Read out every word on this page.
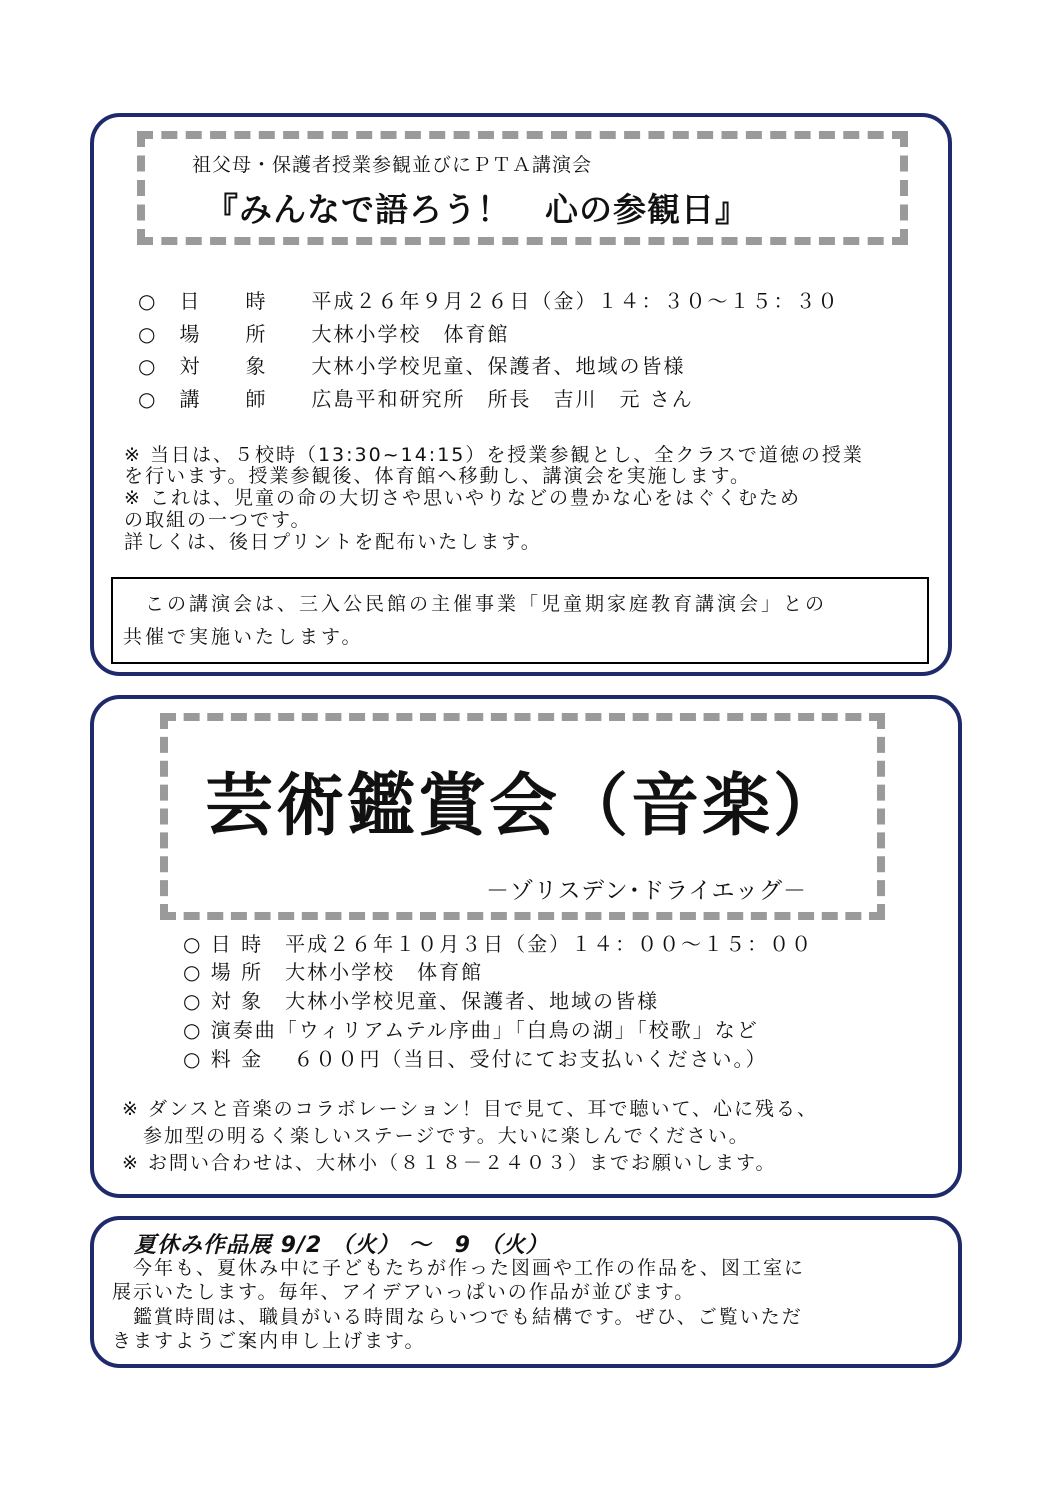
祖父母・保護者授業参観並びにＰＴＡ講演会
『みんなで語ろう！　心の参観日』
○　日　　時　　平成２６年９月２６日（金）１４：３０～１５：３０
○　場　　所　　大林小学校　体育館
○　対　　象　　大林小学校児童、保護者、地域の皆様
○　講　　師　　広島平和研究所　所長　吉川　元 さん
※ 当日は、５校時（13:30~14:15）を授業参観とし、全クラスで道徳の授業
を行います。授業参観後、体育館へ移動し、講演会を実施します。
※ これは、児童の命の大切さや思いやりなどの豊かな心をはぐくむため
の取組の一つです。
詳しくは、後日プリントを配布いたします。
　この講演会は、三入公民館の主催事業「児童期家庭教育講演会」との
共催で実施いたします。
芸術鑑賞会（音楽）
－ゾリスデン･ドライエッグ－
○ 日 時　平成２６年１０月３日（金）１４：００～１５：００
○ 場 所　大林小学校　体育館
○ 対 象　大林小学校児童、保護者、地域の皆様
○ 演奏曲「ウィリアムテル序曲」「白鳥の湖」「校歌」など
○ 料 金　 ６００円（当日、受付にてお支払いください。）
※ ダンスと音楽のコラボレーション！目で見て、耳で聴いて、心に残る、
　参加型の明るく楽しいステージです。大いに楽しんでください。
※ お問い合わせは、大林小（８１８－２４０３）までお願いします。
夏休み作品展 9/2 （火） ～　9 （火）
　今年も、夏休み中に子どもたちが作った図画や工作の作品を、図工室に
展示いたします。毎年、アイデアいっぱいの作品が並びます。
　鑑賞時間は、職員がいる時間ならいつでも結構です。ぜひ、ご覧いただ
きますようご案内申し上げます。
